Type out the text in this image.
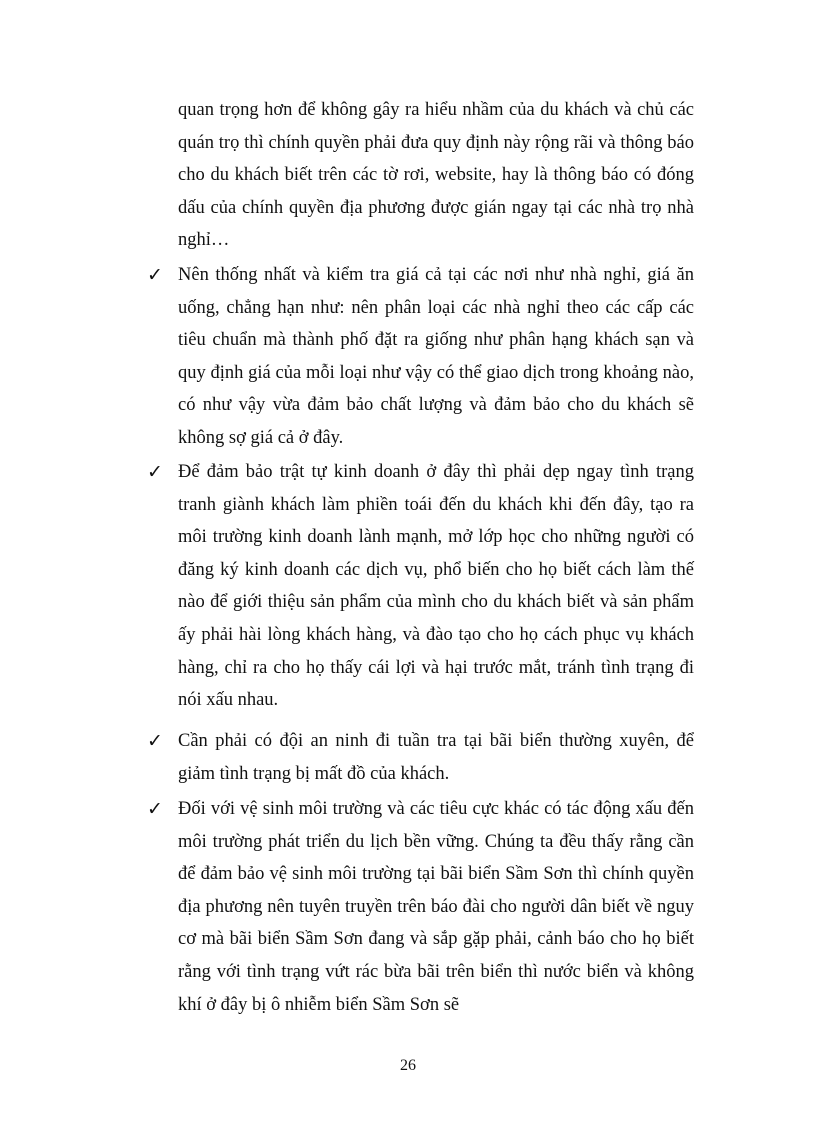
quan trọng hơn để không gây ra hiểu nhầm của du khách và chủ các quán trọ thì chính quyền phải đưa quy định này rộng rãi và thông báo cho du khách biết trên các tờ rơi, website, hay là thông báo có đóng dấu của chính quyền địa phương được gián ngay tại các nhà trọ nhà nghỉ…

✓ Nên thống nhất và kiểm tra giá cả tại các nơi như nhà nghỉ, giá ăn uống, chẳng hạn như: nên phân loại các nhà nghỉ theo các cấp các tiêu chuẩn mà thành phố đặt ra giống như phân hạng khách sạn và quy định giá của mỗi loại như vậy có thể giao dịch trong khoảng nào, có như vậy vừa đảm bảo chất lượng và đảm bảo cho du khách sẽ không sợ giá cả ở đây.

✓ Để đảm bảo trật tự kinh doanh ở đây thì phải dẹp ngay tình trạng tranh giành khách làm phiền toái đến du khách khi đến đây, tạo ra môi trường kinh doanh lành mạnh, mở lớp học cho những người có đăng ký kinh doanh các dịch vụ, phổ biến cho họ biết cách làm thế nào để giới thiệu sản phẩm của mình cho du khách biết và sản phẩm ấy phải hài lòng khách hàng, và đào tạo cho họ cách phục vụ khách hàng, chỉ ra cho họ thấy cái lợi và hại trước mắt, tránh tình trạng đi nói xấu nhau.

✓ Cần phải có đội an ninh đi tuần tra tại bãi biển thường xuyên, để giảm tình trạng bị mất đồ của khách.

✓ Đối với vệ sinh môi trường và các tiêu cực khác có tác động xấu đến môi trường phát triển du lịch bền vững. Chúng ta đều thấy rằng cần để đảm bảo vệ sinh môi trường tại bãi biển Sầm Sơn thì chính quyền địa phương nên tuyên truyền trên báo đài cho người dân biết về nguy cơ mà bãi biển Sầm Sơn đang và sắp gặp phải, cảnh báo cho họ biết rằng với tình trạng vứt rác bừa bãi trên biển thì nước biển và không khí ở đây bị ô nhiễm biển Sầm Sơn sẽ

26
